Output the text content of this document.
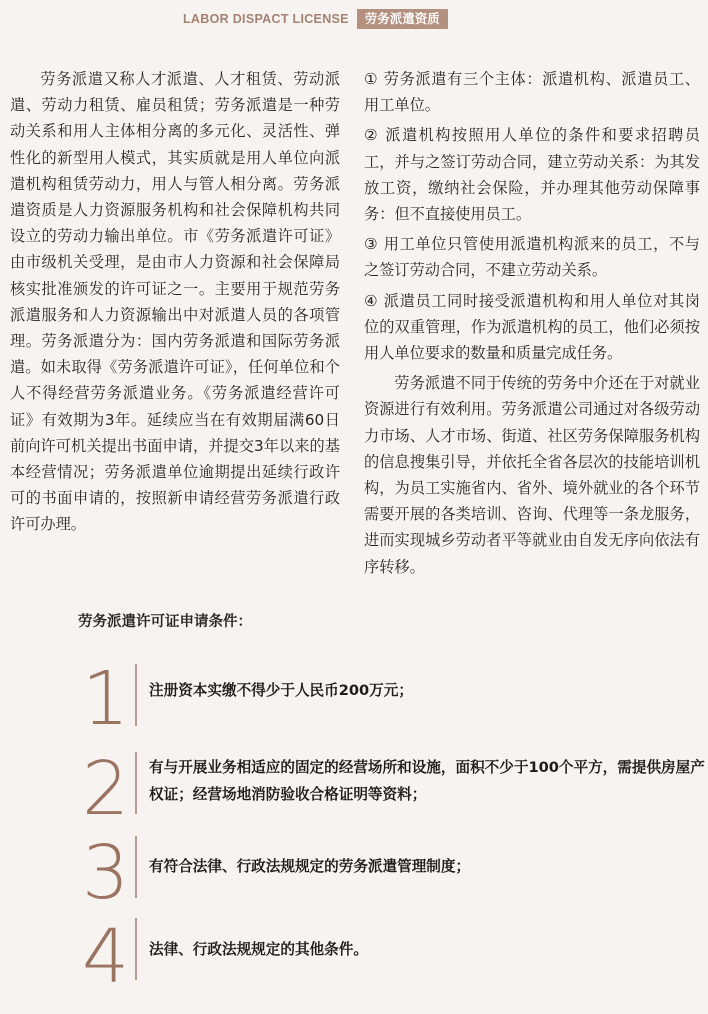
LABOR DISPACT LICENSE	劳务派遣资质

劳务派遣又称人才派遣、人才租赁、劳动派遣、劳动力租赁、雇员租赁；劳务派遣是一种劳动关系和用人主体相分离的多元化、灵活性、弹性化的新型用人模式，其实质就是用人单位向派遣机构租赁劳动力，用人与管人相分离。劳务派遣资质是人力资源服务机构和社会保障机构共同设立的劳动力输出单位。市《劳务派遣许可证》由市级机关受理，是由市人力资源和社会保障局核实批准颁发的许可证之一。主要用于规范劳务派遣服务和人力资源输出中对派遣人员的各项管理。劳务派遣分为：国内劳务派遣和国际劳务派遣。如未取得《劳务派遣许可证》，任何单位和个人不得经营劳务派遣业务。《劳务派遣经营许可证》有效期为3年。延续应当在有效期届满60日前向许可机关提出书面申请，并提交3年以来的基本经营情况；劳务派遣单位逾期提出延续行政许可的书面申请的，按照新申请经营劳务派遣行政许可办理。

① 劳务派遣有三个主体：派遣机构、派遣员工、用工单位。

② 派遣机构按照用人单位的条件和要求招聘员工，并与之签订劳动合同，建立劳动关系：为其发放工资，缴纳社会保险，并办理其他劳动保障事务：但不直接使用员工。

③ 用工单位只管使用派遣机构派来的员工，不与之签订劳动合同，不建立劳动关系。

④ 派遣员工同时接受派遣机构和用人单位对其岗位的双重管理，作为派遣机构的员工，他们必须按用人单位要求的数量和质量完成任务。

劳务派遣不同于传统的劳务中介还在于对就业资源进行有效利用。劳务派遣公司通过对各级劳动力市场、人才市场、街道、社区劳务保障服务机构的信息搜集引导，并依托全省各层次的技能培训机构，为员工实施省内、省外、境外就业的各个环节需要开展的各类培训、咨询、代理等一条龙服务，进而实现城乡劳动者平等就业由自发无序向依法有序转移。

劳务派遣许可证申请条件：
1 注册资本实缴不得少于人民币200万元；
2 有与开展业务相适应的固定的经营场所和设施，面积不少于100个平方，需提供房屋产权证；经营场地消防验收合格证明等资料；
3 有符合法律、行政法规规定的劳务派遣管理制度；
4 法律、行政法规规定的其他条件。
